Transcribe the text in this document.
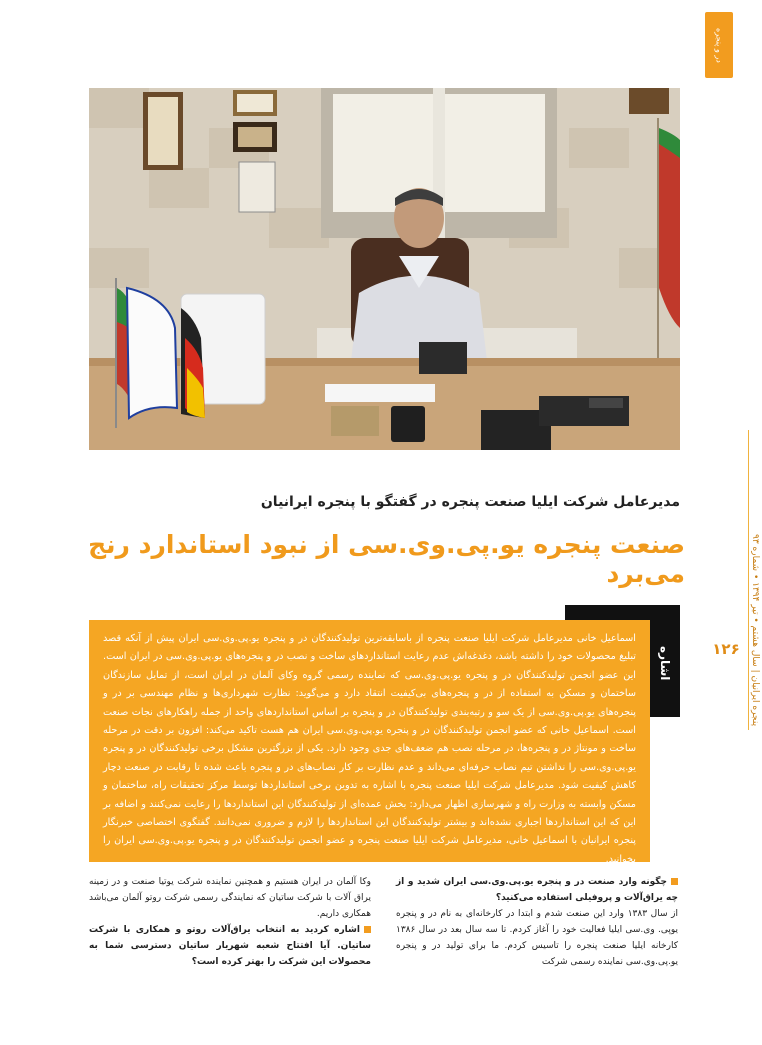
در و پنجره
پنجره ایرانیان | سال هشتم • تیر ۱۳۹۴ • شماره ۹۳
۱۲۶
مدیرعامل شرکت ایلیا صنعت پنجره در گفتگو با پنجره ایرانیان
صنعت پنجره یو.پی.وی.سی از نبود استاندارد رنج می‌برد
اشاره

اسماعیل خانی مدیرعامل شرکت ایلیا صنعت پنجره از باسابقه‌ترین تولیدکنندگان در و پنجره یو.پی.وی.سی ایران پیش از آنکه قصد تبلیغ محصولات خود را داشته باشد، دغدغه‌اش عدم رعایت استانداردهای ساخت و نصب در و پنجره‌های یو.پی.وی.سی در ایران است. این عضو انجمن تولیدکنندگان در و پنجره یو.پی.وی.سی که نماینده رسمی گروه وکای آلمان در ایران است، از تمایل سازندگان ساختمان و مسکن به استفاده از در و پنجره‌های بی‌کیفیت انتقاد دارد و می‌گوید: نظارت شهرداری‌ها و نظام مهندسی بر در و پنجره‌های یو.پی.وی.سی از یک سو و رتبه‌بندی تولیدکنندگان در و پنجره بر اساس استانداردهای واحد از جمله راهکارهای نجات صنعت است. اسماعیل خانی که عضو انجمن تولیدکنندگان در و پنجره یو.پی.وی.سی ایران هم هست تاکید می‌کند: افزون بر دقت در مرحله ساخت و مونتاژ در و پنجره‌ها، در مرحله نصب هم ضعف‌های جدی وجود دارد. یکی از بزرگترین مشکل برخی تولیدکنندگان در و پنجره یو.پی.وی.سی را نداشتن تیم نصاب حرفه‌ای می‌داند و عدم نظارت بر کار نصاب‌های در و پنجره باعث شده تا رقابت در صنعت دچار کاهش کیفیت شود. مدیرعامل شرکت ایلیا صنعت پنجره با اشاره به تدوین برخی استانداردها توسط مرکز تحقیقات راه، ساختمان و مسکن وابسته به وزارت راه و شهرسازی اظهار می‌دارد: بخش عمده‌ای از تولیدکنندگان این استانداردها را رعایت نمی‌کنند و اضافه بر این که این استانداردها اجباری نشده‌اند و بیشتر تولیدکنندگان این استانداردها را لازم و ضروری نمی‌دانند. گفتگوی اختصاصی خبرنگار پنجره ایرانیان با اسماعیل خانی، مدیرعامل شرکت ایلیا صنعت پنجره و عضو انجمن تولیدکنندگان در و پنجره یو.پی.وی.سی ایران را بخوانید.

چگونه وارد صنعت در و پنجره یو.پی.وی.سی ایران شدید و از چه یراق‌آلات و پروفیلی استفاده می‌کنید؟
از سال ۱۳۸۳ وارد این صنعت شدم و ابتدا در کارخانه‌ای به نام در و پنجره یوپی. وی.سی ایلیا فعالیت خود را آغاز کردم. تا سه سال بعد در سال ۱۳۸۶ کارخانه ایلیا صنعت پنجره را تاسیس کردم. ما برای تولید در و پنجره یو.پی.وی.سی نماینده رسمی شرکت
وکا آلمان در ایران هستیم و همچنین نماینده شرکت یوتیا صنعت و در زمینه یراق آلات با شرکت ساتیان که نمایندگی رسمی شرکت روتو آلمان می‌باشد همکاری داریم.
اشاره کردید به انتخاب یراق‌آلات روتو و همکاری با شرکت ساتیان. آیا افتتاح شعبه شهریار ساتیان دسترسی شما به محصولات این شرکت را بهتر کرده است؟
